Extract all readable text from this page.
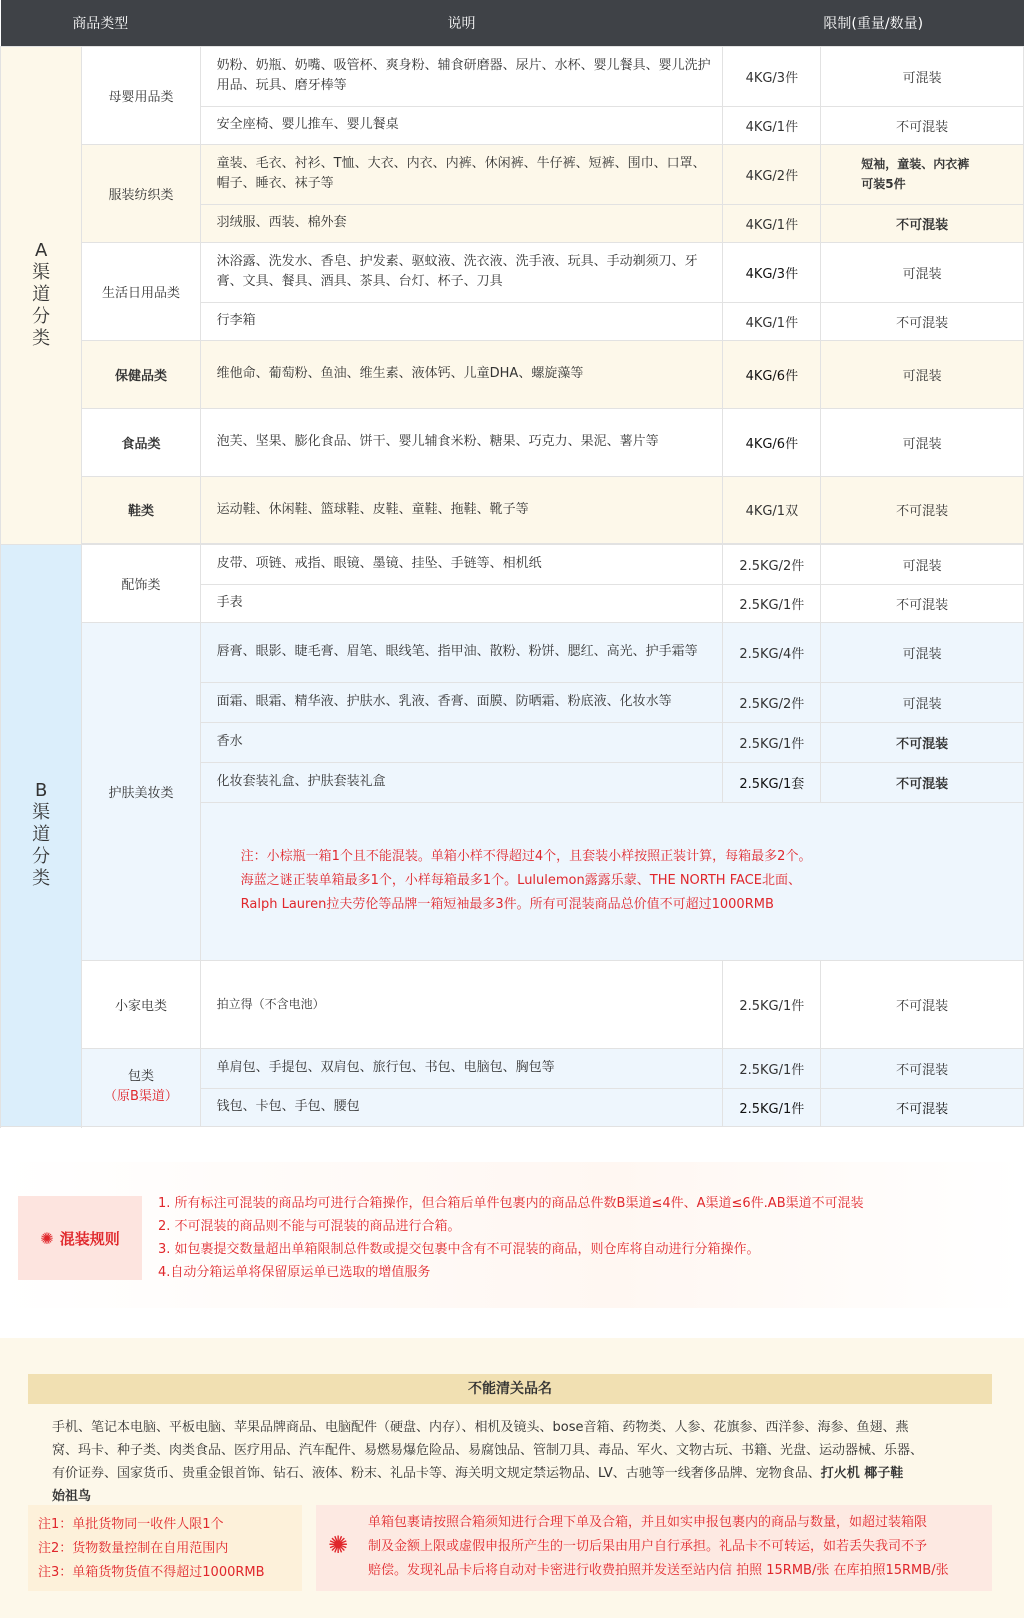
商品类型		说明	限制(重量/数量)	

A
渠
道
分
类	母婴用品类	奶粉、奶瓶、奶嘴、吸管杯、爽身粉、辅食研磨器、尿片、水杯、婴儿餐具、婴儿洗护用品、玩具、磨牙棒等	4KG/3件	可混装
		安全座椅、婴儿推车、婴儿餐桌	4KG/1件	不可混装
	服装纺织类	童装、毛衣、衬衫、T恤、大衣、内衣、内裤、休闲裤、牛仔裤、短裤、围巾、口罩、帽子、睡衣、袜子等	4KG/2件	短袖，童装、内衣裤
可装5件

		羽绒服、西装、棉外套	4KG/1件	不可混装
	生活日用品类	沐浴露、洗发水、香皂、护发素、驱蚊液、洗衣液、洗手液、玩具、手动剃须刀、牙膏、文具、餐具、酒具、茶具、台灯、杯子、刀具	4KG/3件	可混装
		行李箱	4KG/1件	不可混装
	保健品类	维他命、葡萄粉、鱼油、维生素、液体钙、儿童DHA、螺旋藻等	4KG/6件	可混装
	食品类	泡芙、坚果、膨化食品、饼干、婴儿辅食米粉、糖果、巧克力、果泥、薯片等	4KG/6件	可混装
	鞋类	运动鞋、休闲鞋、篮球鞋、皮鞋、童鞋、拖鞋、靴子等	4KG/1双	不可混装

B
渠
道
分
类	配饰类	皮带、项链、戒指、眼镜、墨镜、挂坠、手链等、相机纸	2.5KG/2件	可混装
		手表	2.5KG/1件	不可混装
	护肤美妆类	唇膏、眼影、睫毛膏、眉笔、眼线笔、指甲油、散粉、粉饼、腮红、高光、护手霜等	2.5KG/4件	可混装
		面霜、眼霜、精华液、护肤水、乳液、香膏、面膜、防晒霜、粉底液、化妆水等	2.5KG/2件	可混装
		香水	2.5KG/1件	不可混装
		化妆套装礼盒、护肤套装礼盒	2.5KG/1套	不可混装

		注：小棕瓶一箱1个且不能混装。单箱小样不得超过4个，且套装小样按照正装计算，每箱最多2个。
海蓝之谜正装单箱最多1个，小样每箱最多1个。Lululemon露露乐蒙、THE NORTH FACE北面、
Ralph Lauren拉夫劳伦等品牌一箱短袖最多3件。所有可混装商品总价值不可超过1000RMB		

	小家电类	拍立得（不含电池）	2.5KG/1件	不可混装

	包类
（原B渠道）	单肩包、手提包、双肩包、旅行包、书包、电脑包、胸包等	2.5KG/1件	不可混装
		钱包、卡包、手包、腰包	2.5KG/1件	不可混装

✺ 混装规则
1. 所有标注可混装的商品均可进行合箱操作，但合箱后单件包裹内的商品总件数B渠道≤4件、A渠道≤6件.AB渠道不可混装
2. 不可混装的商品则不能与可混装的商品进行合箱。
3. 如包裹提交数量超出单箱限制总件数或提交包裹中含有不可混装的商品，则仓库将自动进行分箱操作。
4.自动分箱运单将保留原运单已选取的增值服务
不能清关品名
手机、笔记本电脑、平板电脑、苹果品牌商品、电脑配件（硬盘、内存）、相机及镜头、bose音箱、药物类、人参、花旗参、西洋参、海参、鱼翅、燕
窝、玛卡、种子类、肉类食品、医疗用品、汽车配件、易燃易爆危险品、易腐蚀品、管制刀具、毒品、军火、文物古玩、书籍、光盘、运动器械、乐器、
有价证券、国家货币、贵重金银首饰、钻石、液体、粉末、礼品卡等、海关明文规定禁运物品、LV、古驰等一线奢侈品牌、宠物食品、打火机 椰子鞋
始祖鸟
注1：单批货物同一收件人限1个
注2：货物数量控制在自用范围内
注3：单箱货物货值不得超过1000RMB
✺
单箱包裹请按照合箱须知进行合理下单及合箱，并且如实申报包裹内的商品与数量，如超过装箱限
制及金额上限或虚假申报所产生的一切后果由用户自行承担。礼品卡不可转运，如若丢失我司不予
赔偿。发现礼品卡后将自动对卡密进行收费拍照并发送至站内信 拍照 15RMB/张 在库拍照15RMB/张
